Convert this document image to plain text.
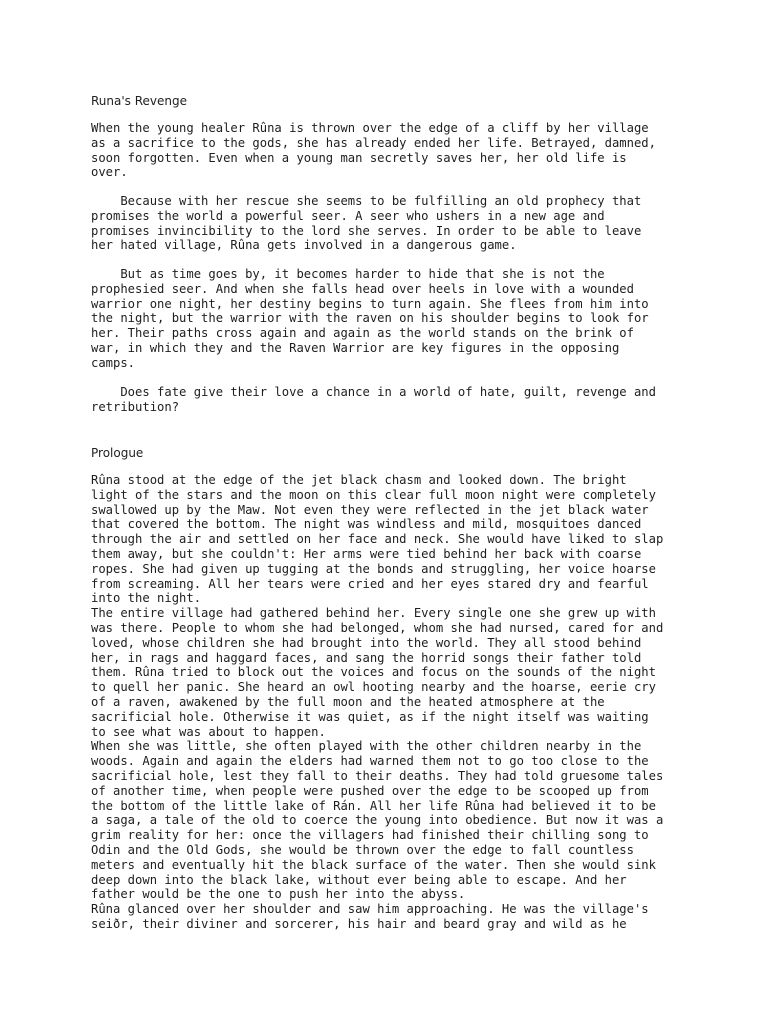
Runa's Revenge

When the young healer Rûna is thrown over the edge of a cliff by her village
as a sacrifice to the gods, she has already ended her life. Betrayed, damned,
soon forgotten. Even when a young man secretly saves her, her old life is
over.

Because with her rescue she seems to be fulfilling an old prophecy that
promises the world a powerful seer. A seer who ushers in a new age and
promises invincibility to the lord she serves. In order to be able to leave
her hated village, Rûna gets involved in a dangerous game.

But as time goes by, it becomes harder to hide that she is not the
prophesied seer. And when she falls head over heels in love with a wounded
warrior one night, her destiny begins to turn again. She flees from him into
the night, but the warrior with the raven on his shoulder begins to look for
her. Their paths cross again and again as the world stands on the brink of
war, in which they and the Raven Warrior are key figures in the opposing
camps.

Does fate give their love a chance in a world of hate, guilt, revenge and
retribution?

Prologue

Rûna stood at the edge of the jet black chasm and looked down. The bright
light of the stars and the moon on this clear full moon night were completely
swallowed up by the Maw. Not even they were reflected in the jet black water
that covered the bottom. The night was windless and mild, mosquitoes danced
through the air and settled on her face and neck. She would have liked to slap
them away, but she couldn't: Her arms were tied behind her back with coarse
ropes. She had given up tugging at the bonds and struggling, her voice hoarse
from screaming. All her tears were cried and her eyes stared dry and fearful
into the night.
The entire village had gathered behind her. Every single one she grew up with
was there. People to whom she had belonged, whom she had nursed, cared for and
loved, whose children she had brought into the world. They all stood behind
her, in rags and haggard faces, and sang the horrid songs their father told
them. Rûna tried to block out the voices and focus on the sounds of the night
to quell her panic. She heard an owl hooting nearby and the hoarse, eerie cry
of a raven, awakened by the full moon and the heated atmosphere at the
sacrificial hole. Otherwise it was quiet, as if the night itself was waiting
to see what was about to happen.
When she was little, she often played with the other children nearby in the
woods. Again and again the elders had warned them not to go too close to the
sacrificial hole, lest they fall to their deaths. They had told gruesome tales
of another time, when people were pushed over the edge to be scooped up from
the bottom of the little lake of Rán. All her life Rûna had believed it to be
a saga, a tale of the old to coerce the young into obedience. But now it was a
grim reality for her: once the villagers had finished their chilling song to
Odin and the Old Gods, she would be thrown over the edge to fall countless
meters and eventually hit the black surface of the water. Then she would sink
deep down into the black lake, without ever being able to escape. And her
father would be the one to push her into the abyss.
Rûna glanced over her shoulder and saw him approaching. He was the village's
seiðr, their diviner and sorcerer, his hair and beard gray and wild as he
